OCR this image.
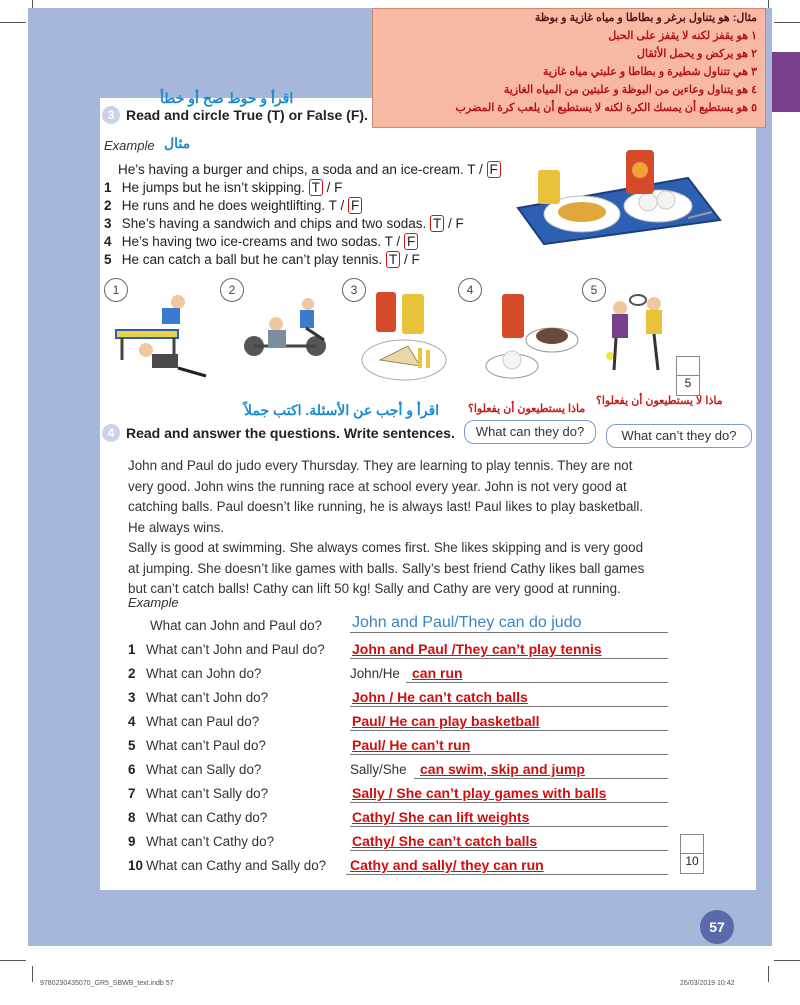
مثال: هو يتناول برغر و بطاطا و مياه غازية و بوظة
١ هو يقفز لكنه لا يقفز على الحبل
٢ هو يركض و يحمل الأثقال
٣ هي تتناول شطيرة و بطاطا و علبتي مياه غازية
٤ هو يتناول وعاءين من البوظة و علبتين من المياه الغازية
٥ هو يستطيع أن يمسك الكرة لكنه لا يستطيع أن يلعب كرة المضرب
اقرأ و حوط صح أو خطأ
3 Read and circle True (T) or False (F).
Example مثال
He’s having a burger and chips, a soda and an ice-cream. T / F
1 He jumps but he isn’t skipping. T / F
2 He runs and he does weightlifting. T / F
3 She’s having a sandwich and chips and two sodas. T / F
4 He’s having two ice-creams and two sodas. T / F
5 He can catch a ball but he can’t play tennis. T / F
1	2	3	4	5
5
ماذا لا يستطيعون أن يفعلوا؟
ماذا يستطيعون أن يفعلوا؟
اقرأ و أجب عن الأسئلة. اكتب جملاً
4 Read and answer the questions. Write sentences.	What can they do?	What can’t they do?
John and Paul do judo every Thursday. They are learning to play tennis. They are not very good. John wins the running race at school every year. John is not very good at catching balls. Paul doesn’t like running, he is always last! Paul likes to play basketball. He always wins.
Sally is good at swimming. She always comes first. She likes skipping and is very good at jumping. She doesn’t like games with balls. Sally’s best friend Cathy likes ball games but can’t catch balls! Cathy can lift 50 kg! Sally and Cathy are very good at running.
Example
What can John and Paul do? John and Paul/They can do judo
1 What can’t John and Paul do? John and Paul /They can’t play tennis
2 What can John do?	John/He can run
3 What can’t John do?	John / He can’t catch balls
4 What can Paul do?	Paul/ He can play basketball
5 What can’t Paul do?	Paul/ He can’t run
6 What can Sally do?	Sally/She can swim, skip and jump
7 What can’t Sally do?	Sally / She can’t play games with balls
8 What can Cathy do?	Cathy/ She can lift weights
9 What can’t Cathy do?	Cathy/ She can’t catch balls
10 What can Cathy and Sally do? Cathy and sally/ they can run	10
57
9780230435070_GR5_SBWB_text.indb 57	26/03/2019 10:42
